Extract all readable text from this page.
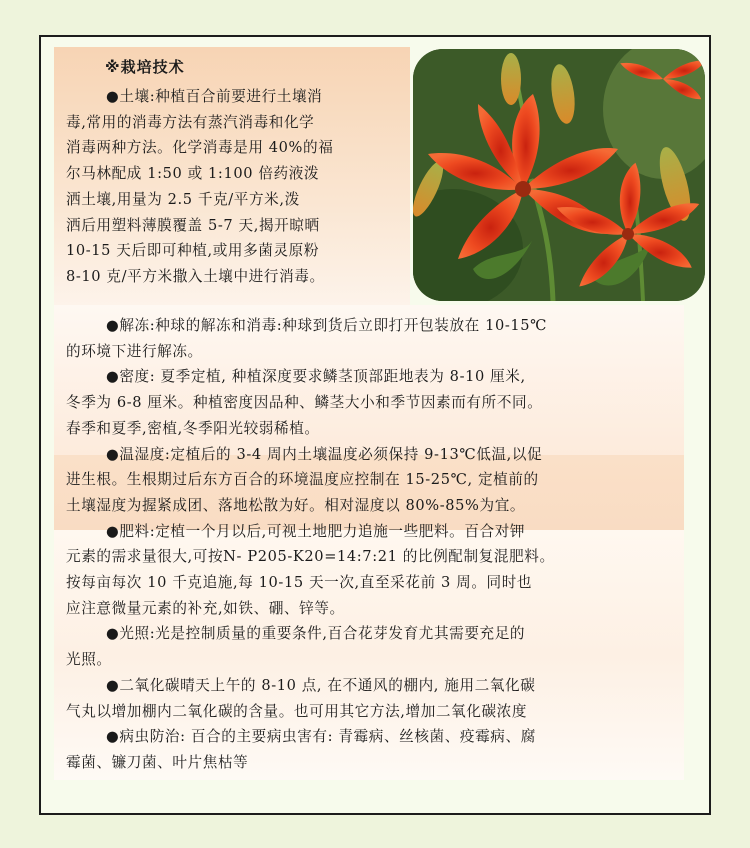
※栽培技术
●土壤:种植百合前要进行土壤消
毒,常用的消毒方法有蒸汽消毒和化学
消毒两种方法。化学消毒是用 40%的福
尔马林配成 1:50 或 1:100 倍药液泼
洒土壤,用量为 2.5 千克/平方米,泼
洒后用塑料薄膜覆盖 5-7 天,揭开晾晒
10-15 天后即可种植,或用多菌灵原粉
8-10 克/平方米撒入土壤中进行消毒。
●解冻:种球的解冻和消毒:种球到货后立即打开包装放在 10-15℃
的环境下进行解冻。
●密度: 夏季定植, 种植深度要求鳞茎顶部距地表为 8-10 厘米,
冬季为 6-8 厘米。种植密度因品种、鳞茎大小和季节因素而有所不同。
春季和夏季,密植,冬季阳光较弱稀植。
●温湿度:定植后的 3-4 周内土壤温度必须保持 9-13℃低温,以促
进生根。生根期过后东方百合的环境温度应控制在 15-25℃, 定植前的
土壤湿度为握紧成团、落地松散为好。相对湿度以 80%-85%为宜。
●肥料:定植一个月以后,可视土地肥力追施一些肥料。百合对钾
元素的需求量很大,可按N- P205-K20=14:7:21 的比例配制复混肥料。
按每亩每次 10 千克追施,每 10-15 天一次,直至采花前 3 周。同时也
应注意微量元素的补充,如铁、硼、锌等。
●光照:光是控制质量的重要条件,百合花芽发育尤其需要充足的
光照。
●二氧化碳晴天上午的 8-10 点, 在不通风的棚内, 施用二氧化碳
气丸以增加棚内二氧化碳的含量。也可用其它方法,增加二氧化碳浓度
●病虫防治: 百合的主要病虫害有: 青霉病、丝核菌、疫霉病、腐
霉菌、镰刀菌、叶片焦枯等
